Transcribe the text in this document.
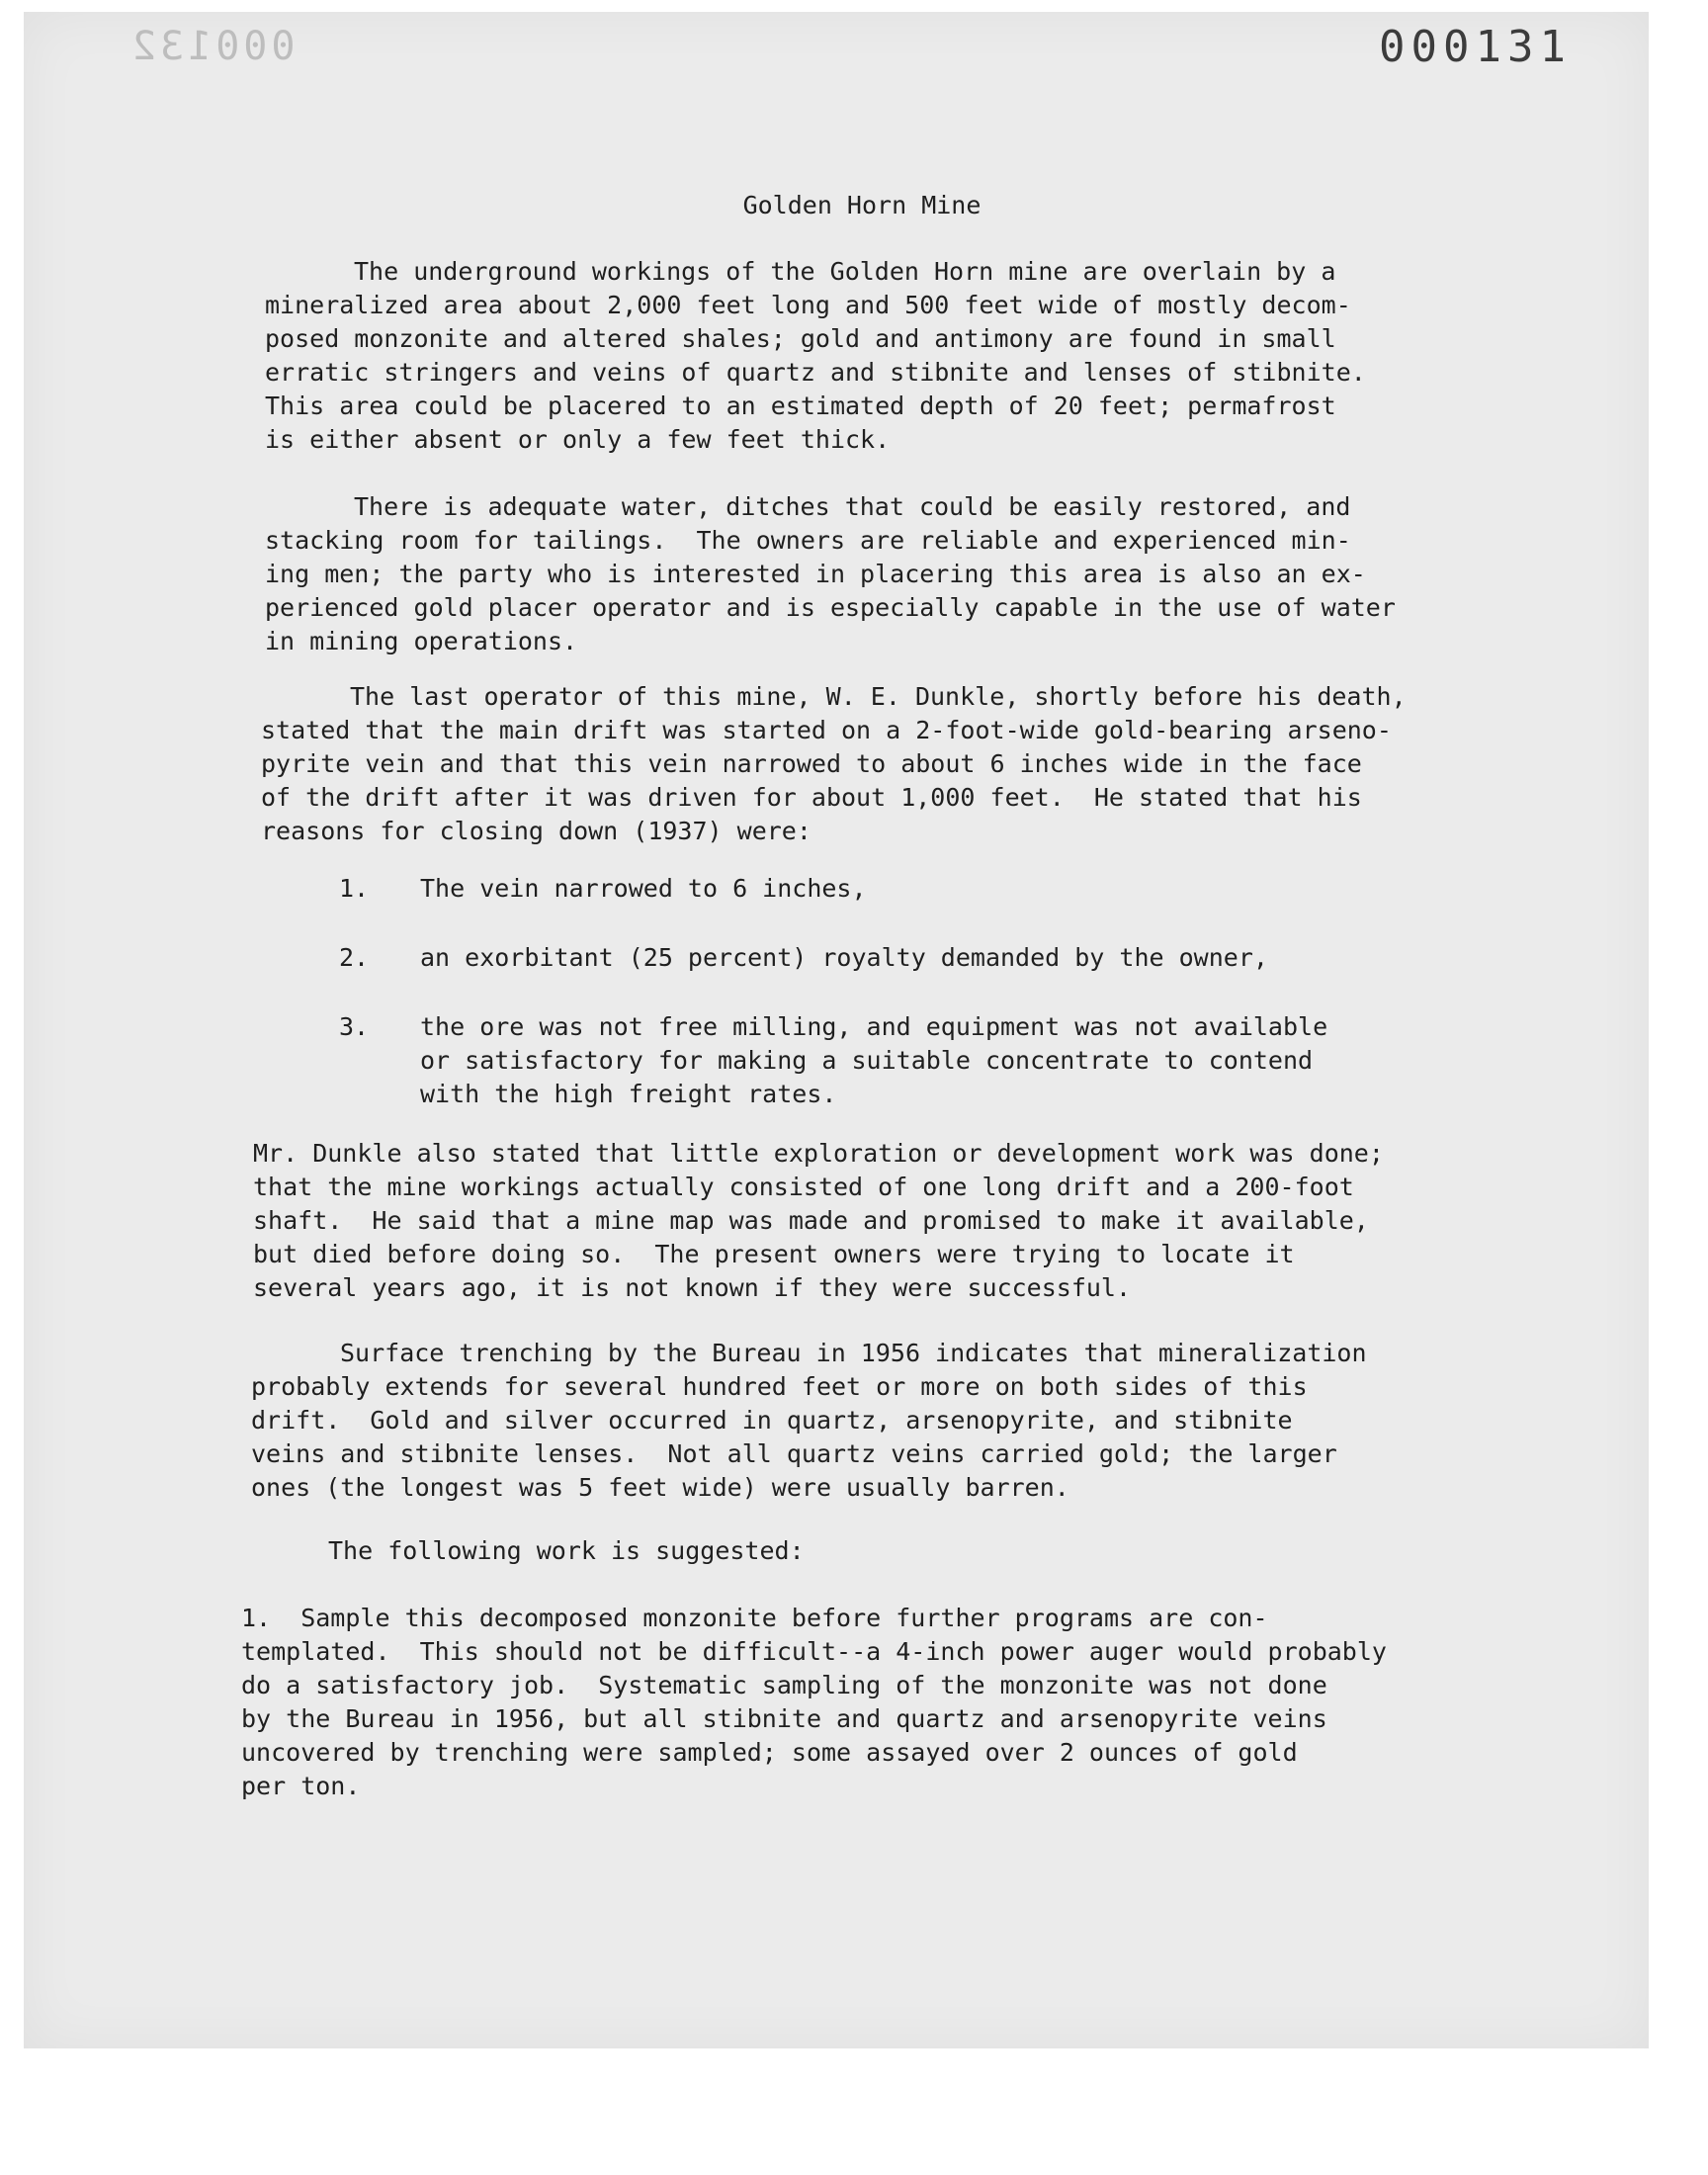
000132	000131
Golden Horn Mine
The underground workings of the Golden Horn mine are overlain by a
mineralized area about 2,000 feet long and 500 feet wide of mostly decom-
posed monzonite and altered shales; gold and antimony are found in small
erratic stringers and veins of quartz and stibnite and lenses of stibnite.
This area could be placered to an estimated depth of 20 feet; permafrost
is either absent or only a few feet thick.
There is adequate water, ditches that could be easily restored, and
stacking room for tailings.  The owners are reliable and experienced min-
ing men; the party who is interested in placering this area is also an ex-
perienced gold placer operator and is especially capable in the use of water
in mining operations.
The last operator of this mine, W. E. Dunkle, shortly before his death,
stated that the main drift was started on a 2-foot-wide gold-bearing arseno-
pyrite vein and that this vein narrowed to about 6 inches wide in the face
of the drift after it was driven for about 1,000 feet.  He stated that his
reasons for closing down (1937) were:
1. The vein narrowed to 6 inches,
2. an exorbitant (25 percent) royalty demanded by the owner,
3. the ore was not free milling, and equipment was not available
or satisfactory for making a suitable concentrate to contend
with the high freight rates.
Mr. Dunkle also stated that little exploration or development work was done;
that the mine workings actually consisted of one long drift and a 200-foot
shaft.  He said that a mine map was made and promised to make it available,
but died before doing so.  The present owners were trying to locate it
several years ago, it is not known if they were successful.
Surface trenching by the Bureau in 1956 indicates that mineralization
probably extends for several hundred feet or more on both sides of this
drift.  Gold and silver occurred in quartz, arsenopyrite, and stibnite
veins and stibnite lenses.  Not all quartz veins carried gold; the larger
ones (the longest was 5 feet wide) were usually barren.
The following work is suggested:
1.  Sample this decomposed monzonite before further programs are con-
templated.  This should not be difficult--a 4-inch power auger would probably
do a satisfactory job.  Systematic sampling of the monzonite was not done
by the Bureau in 1956, but all stibnite and quartz and arsenopyrite veins
uncovered by trenching were sampled; some assayed over 2 ounces of gold
per ton.
